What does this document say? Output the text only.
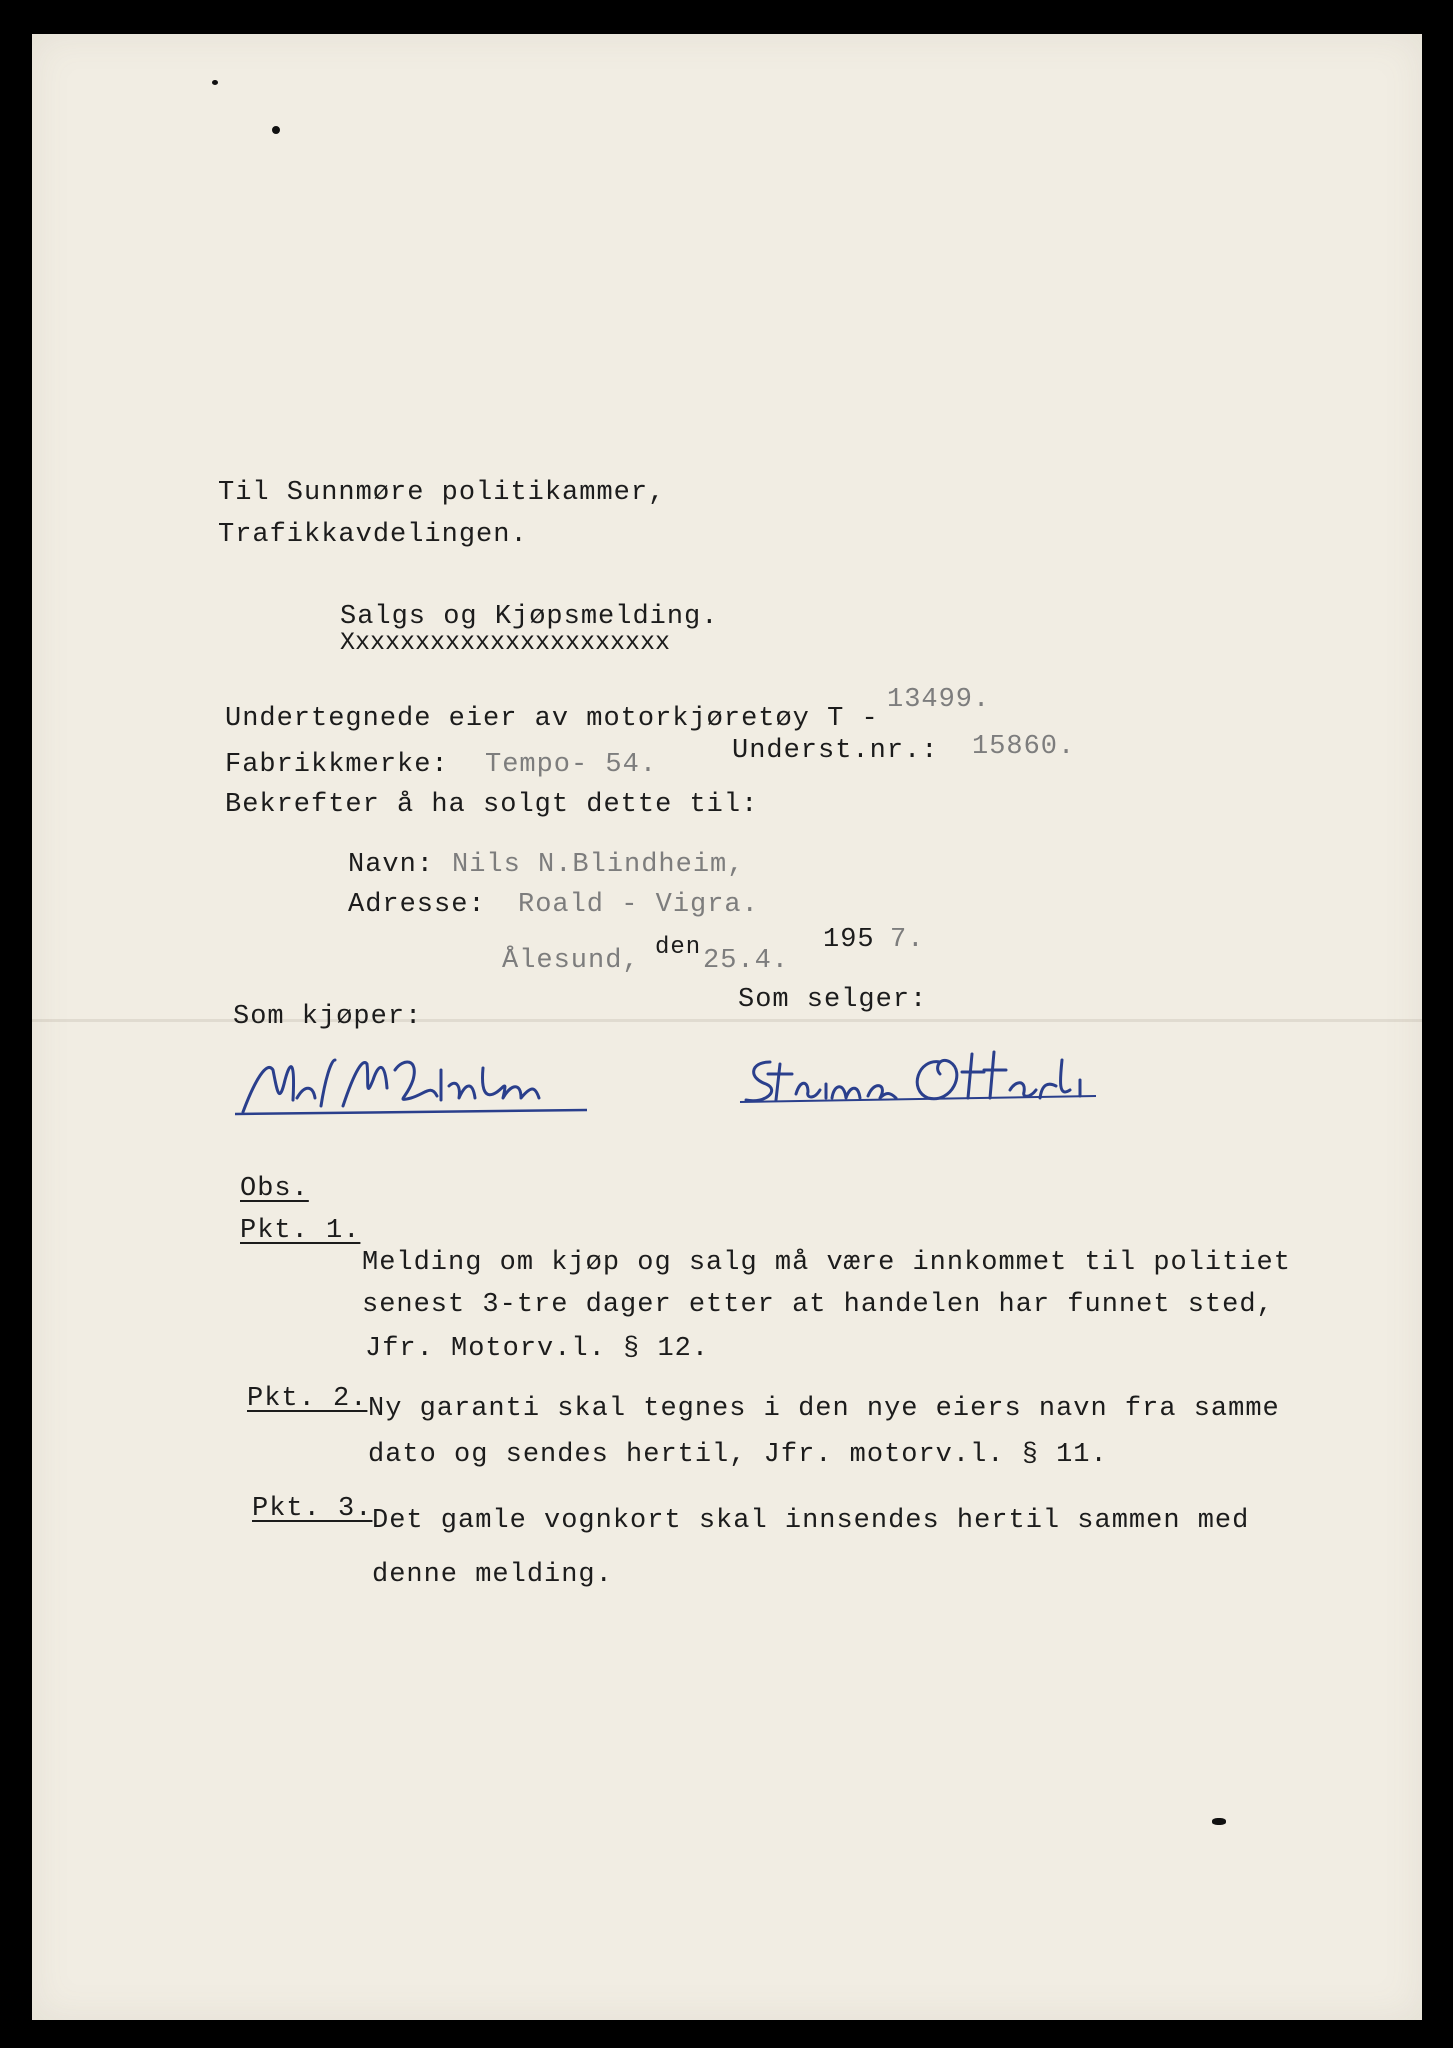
Til Sunnmøre politikammer,
Trafikkavdelingen.
Salgs og Kjøpsmelding.
Xxxxxxxxxxxxxxxxxxxxxx
Undertegnede eier av motorkjøretøy T -
13499.
Fabrikkmerke: Tempo- 54.	Underst.nr.: 15860.
Bekrefter å ha solgt dette til:
Navn: Nils N.Blindheim,
Adresse: Roald - Vigra.
Ålesund, den 25.4.
195 7.
Som kjøper:
Som selger:
Obs.
Pkt. 1.
Melding om kjøp og salg må være innkommet til politiet
senest 3-tre dager etter at handelen har funnet sted,
Jfr. Motorv.l. § 12.
Pkt. 2. Ny garanti skal tegnes i den nye eiers navn fra samme
dato og sendes hertil, Jfr. motorv.l. § 11.
Pkt. 3. Det gamle vognkort skal innsendes hertil sammen med
denne melding.
